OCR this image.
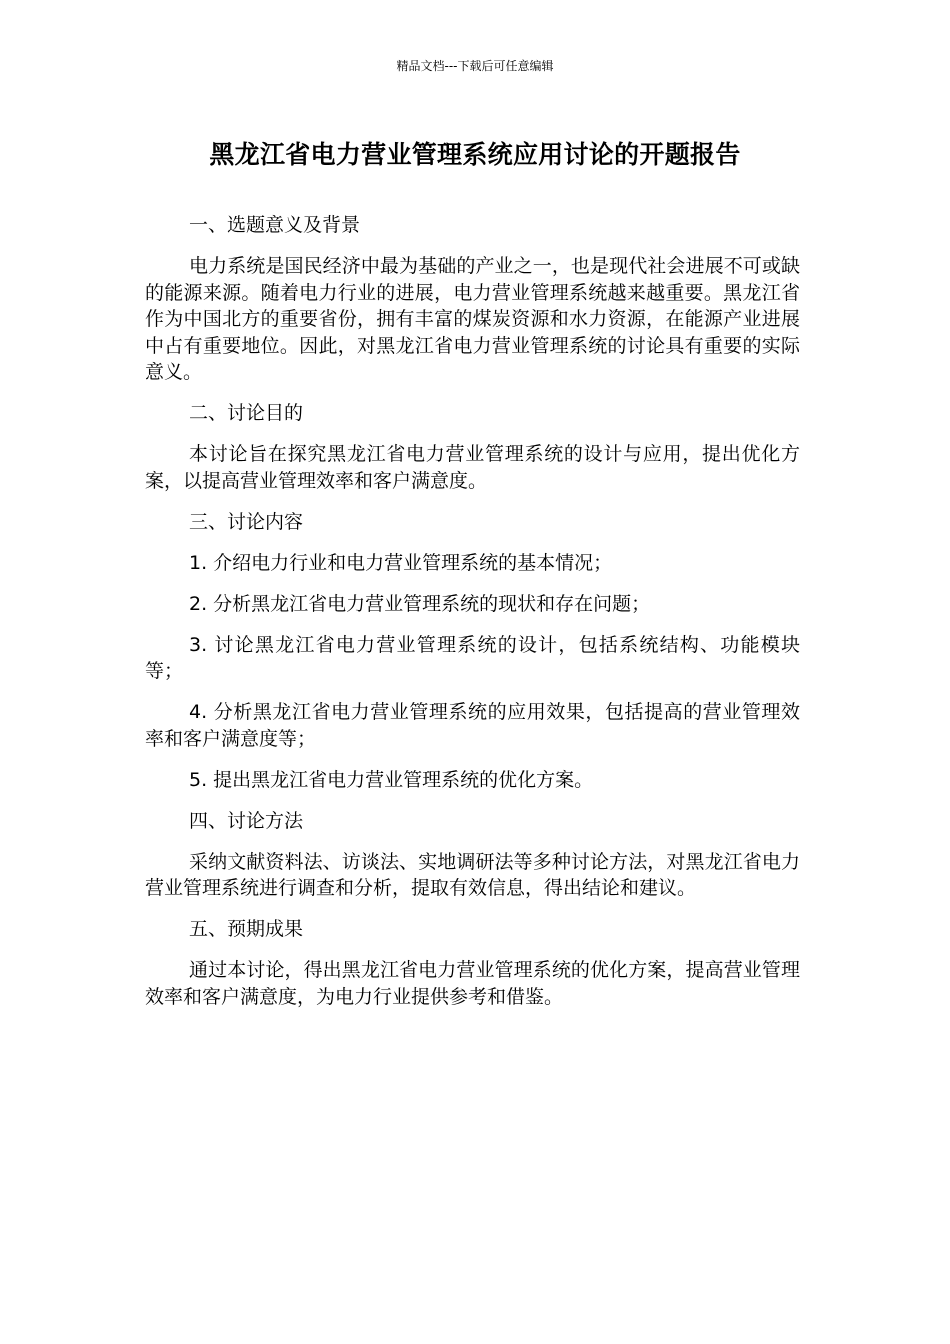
精品文档---下载后可任意编辑
黑龙江省电力营业管理系统应用讨论的开题报告

一、选题意义及背景

电力系统是国民经济中最为基础的产业之一，也是现代社会进展不可或缺的能源来源。随着电力行业的进展，电力营业管理系统越来越重要。黑龙江省作为中国北方的重要省份，拥有丰富的煤炭资源和水力资源，在能源产业进展中占有重要地位。因此，对黑龙江省电力营业管理系统的讨论具有重要的实际意义。

二、讨论目的

本讨论旨在探究黑龙江省电力营业管理系统的设计与应用，提出优化方案，以提高营业管理效率和客户满意度。

三、讨论内容

1. 介绍电力行业和电力营业管理系统的基本情况；

2. 分析黑龙江省电力营业管理系统的现状和存在问题；

3. 讨论黑龙江省电力营业管理系统的设计，包括系统结构、功能模块等；

4. 分析黑龙江省电力营业管理系统的应用效果，包括提高的营业管理效率和客户满意度等；

5. 提出黑龙江省电力营业管理系统的优化方案。

四、讨论方法

采纳文献资料法、访谈法、实地调研法等多种讨论方法，对黑龙江省电力营业管理系统进行调查和分析，提取有效信息，得出结论和建议。

五、预期成果

通过本讨论，得出黑龙江省电力营业管理系统的优化方案，提高营业管理效率和客户满意度，为电力行业提供参考和借鉴。
